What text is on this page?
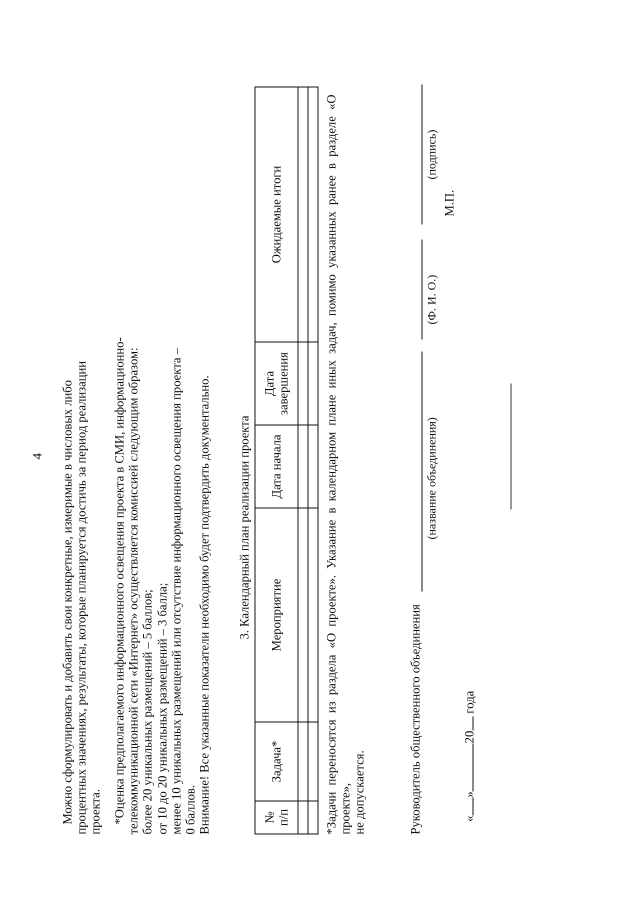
4 Можно сформулировать и добавить свои конкретные, измеримые в числовых либо процентных значениях, результаты, которые планируется достичь за период реализации проекта. *Оценка предполагаемого информационного освещения проекта в СМИ, информационно- телекоммуникационной сети «Интернет» осуществляется комиссией следующим образом: более 20 уникальных размещений – 5 баллов; от 10 до 20 уникальных размещений – 3 балла; менее 10 уникальных размещений или отсутствие информационного освещения проекта – 0 баллов. Внимание! Все указанные показатели необходимо будет подтвердить документально. 3. Календарный план реализации проекта
№ п/п	Задача*	Мероприятие	Дата начала	Дата завершения	Ожидаемые итоги

						*Задачи переносятся из раздела «О проекте». Указание в календарном плане иных задач, помимо указанных ранее в разделе «О проекте», не допускается.	Руководитель общественного объединения
(название объединения)
(Ф. И. О.)
(подпись)
М.П.

«»20 года
